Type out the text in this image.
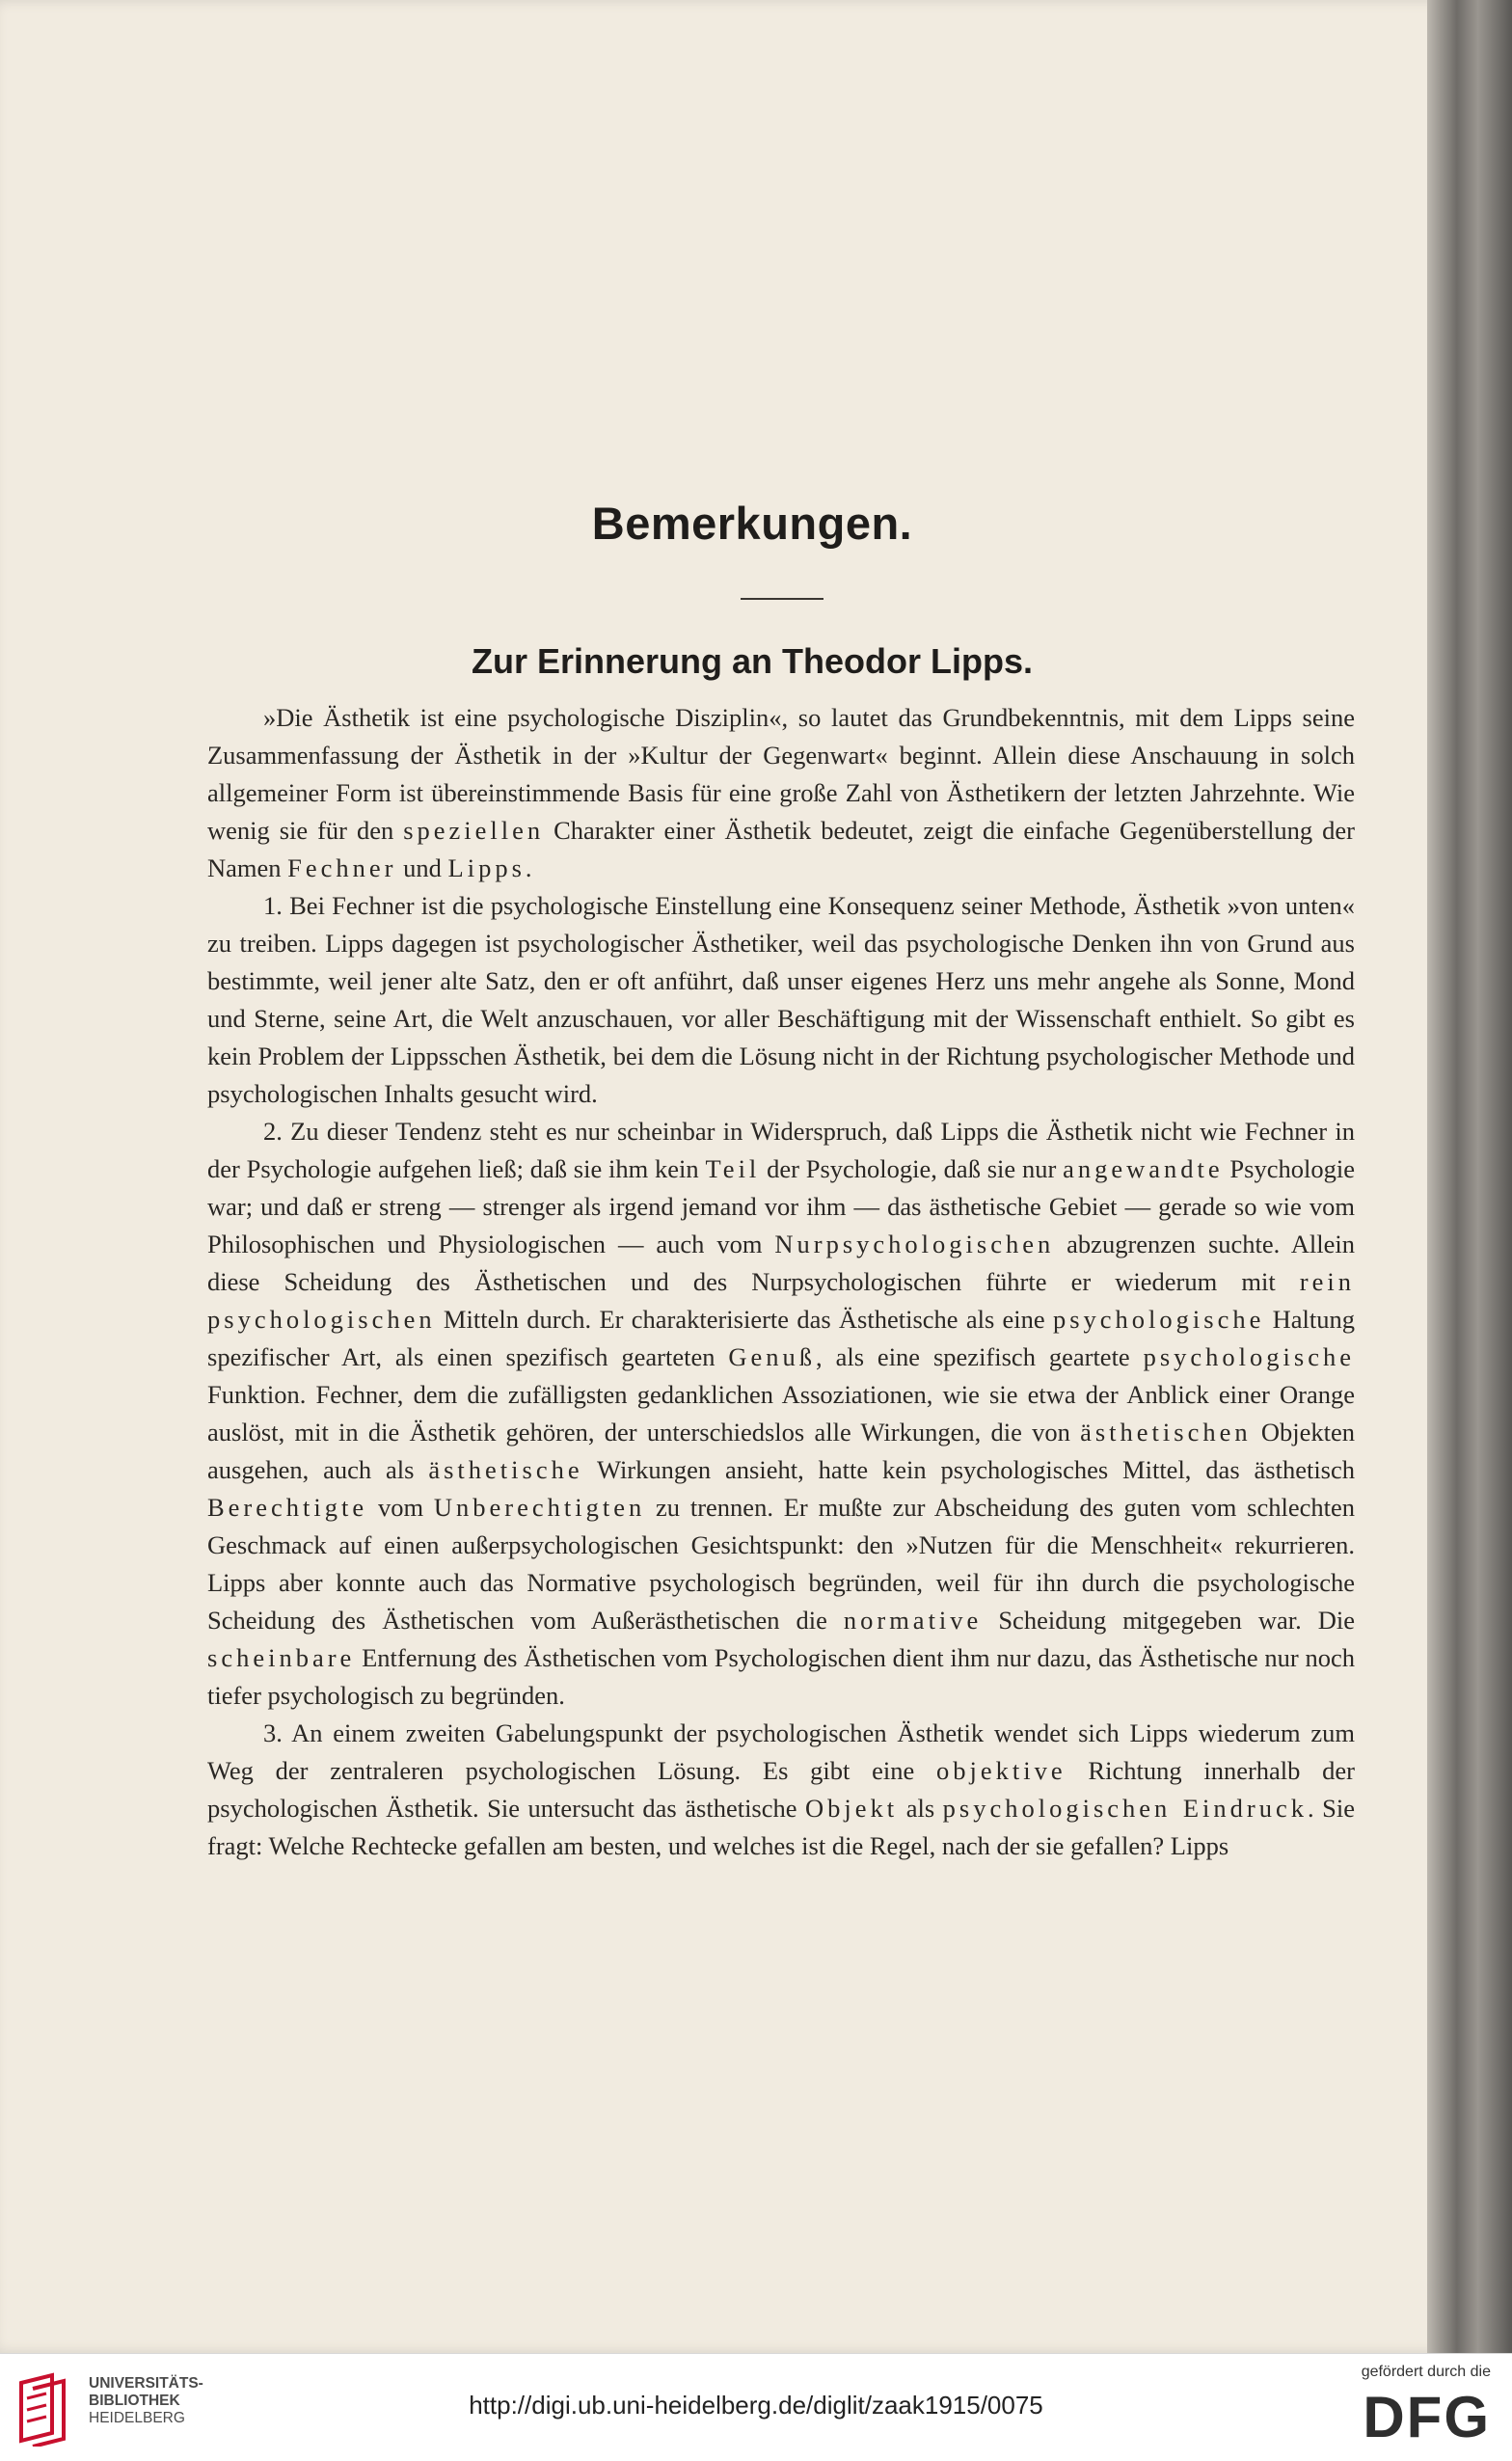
Bemerkungen.
Zur Erinnerung an Theodor Lipps.

»Die Ästhetik ist eine psychologische Disziplin«, so lautet das Grundbekenntnis, mit dem Lipps seine Zusammenfassung der Ästhetik in der »Kultur der Gegenwart« beginnt. Allein diese Anschauung in solch allgemeiner Form ist übereinstimmende Basis für eine große Zahl von Ästhetikern der letzten Jahrzehnte. Wie wenig sie für den speziellen Charakter einer Ästhetik bedeutet, zeigt die einfache Gegenüberstellung der Namen Fechner und Lipps.

1. Bei Fechner ist die psychologische Einstellung eine Konsequenz seiner Methode, Ästhetik »von unten« zu treiben. Lipps dagegen ist psychologischer Ästhetiker, weil das psychologische Denken ihn von Grund aus bestimmte, weil jener alte Satz, den er oft anführt, daß unser eigenes Herz uns mehr angehe als Sonne, Mond und Sterne, seine Art, die Welt anzuschauen, vor aller Beschäftigung mit der Wissenschaft enthielt. So gibt es kein Problem der Lippsschen Ästhetik, bei dem die Lösung nicht in der Richtung psychologischer Methode und psychologischen Inhalts gesucht wird.

2. Zu dieser Tendenz steht es nur scheinbar in Widerspruch, daß Lipps die Ästhetik nicht wie Fechner in der Psychologie aufgehen ließ; daß sie ihm kein Teil der Psychologie, daß sie nur angewandte Psychologie war; und daß er streng — strenger als irgend jemand vor ihm — das ästhetische Gebiet — gerade so wie vom Philosophischen und Physiologischen — auch vom Nurpsychologischen abzugrenzen suchte. Allein diese Scheidung des Ästhetischen und des Nurpsychologischen führte er wiederum mit rein psychologischen Mitteln durch. Er charakterisierte das Ästhetische als eine psychologische Haltung spezifischer Art, als einen spezifisch gearteten Genuß, als eine spezifisch geartete psychologische Funktion. Fechner, dem die zufälligsten gedanklichen Assoziationen, wie sie etwa der Anblick einer Orange auslöst, mit in die Ästhetik gehören, der unterschiedslos alle Wirkungen, die von ästhetischen Objekten ausgehen, auch als ästhetische Wirkungen ansieht, hatte kein psychologisches Mittel, das ästhetisch Berechtigte vom Unberechtigten zu trennen. Er mußte zur Abscheidung des guten vom schlechten Geschmack auf einen außerpsychologischen Gesichtspunkt: den »Nutzen für die Menschheit« rekurrieren. Lipps aber konnte auch das Normative psychologisch begründen, weil für ihn durch die psychologische Scheidung des Ästhetischen vom Außerästhetischen die normative Scheidung mitgegeben war. Die scheinbare Entfernung des Ästhetischen vom Psychologischen dient ihm nur dazu, das Ästhetische nur noch tiefer psychologisch zu begründen.

3. An einem zweiten Gabelungspunkt der psychologischen Ästhetik wendet sich Lipps wiederum zum Weg der zentraleren psychologischen Lösung. Es gibt eine objektive Richtung innerhalb der psychologischen Ästhetik. Sie untersucht das ästhetische Objekt als psychologischen Eindruck. Sie fragt: Welche Rechtecke gefallen am besten, und welches ist die Regel, nach der sie gefallen? Lipps

UNIVERSITÄTS-
BIBLIOTHEK
HEIDELBERG	http://digi.ub.uni-heidelberg.de/diglit/zaak1915/0075
gefördert durch die
DFG
